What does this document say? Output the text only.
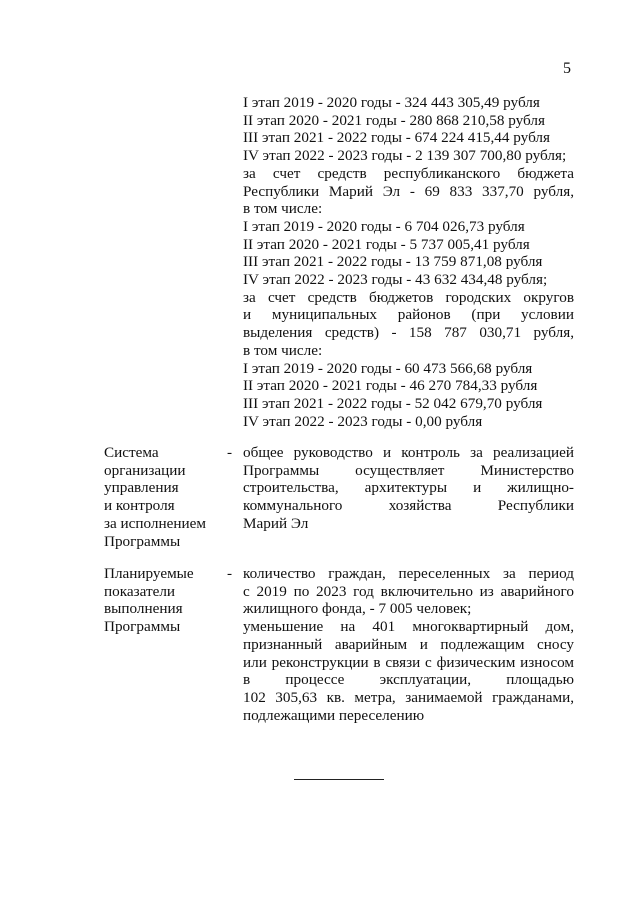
5
I этап 2019 - 2020 годы - 324 443 305,49 рубля
II этап 2020 - 2021 годы - 280 868 210,58 рубля
III этап 2021 - 2022 годы - 674 224 415,44 рубля
IV этап 2022 - 2023 годы - 2 139 307 700,80 рубля;
за счет средств республиканского бюджета
Республики Марий Эл - 69 833 337,70 рубля,
в том числе:
I этап 2019 - 2020 годы - 6 704 026,73 рубля
II этап 2020 - 2021 годы - 5 737 005,41 рубля
III этап 2021 - 2022 годы - 13 759 871,08 рубля
IV этап 2022 - 2023 годы - 43 632 434,48 рубля;
за счет средств бюджетов городских округов
и муниципальных районов (при условии
выделения средств) - 158 787 030,71 рубля,
в том числе:
I этап 2019 - 2020 годы - 60 473 566,68 рубля
II этап 2020 - 2021 годы - 46 270 784,33 рубля
III этап 2021 - 2022 годы - 52 042 679,70 рубля
IV этап 2022 - 2023 годы - 0,00 рубля
Система
организации
управления
и контроля
за исполнением
Программы
- общее руководство и контроль за реализацией
Программы осуществляет Министерство
строительства, архитектуры и жилищно-
коммунального хозяйства Республики
Марий Эл
Планируемые
показатели
выполнения
Программы
- количество граждан, переселенных за период
с 2019 по 2023 год включительно из аварийного
жилищного фонда, - 7 005 человек;
уменьшение на 401 многоквартирный дом,
признанный аварийным и подлежащим сносу
или реконструкции в связи с физическим износом
в процессе эксплуатации, площадью
102 305,63 кв. метра, занимаемой гражданами,
подлежащими переселению
